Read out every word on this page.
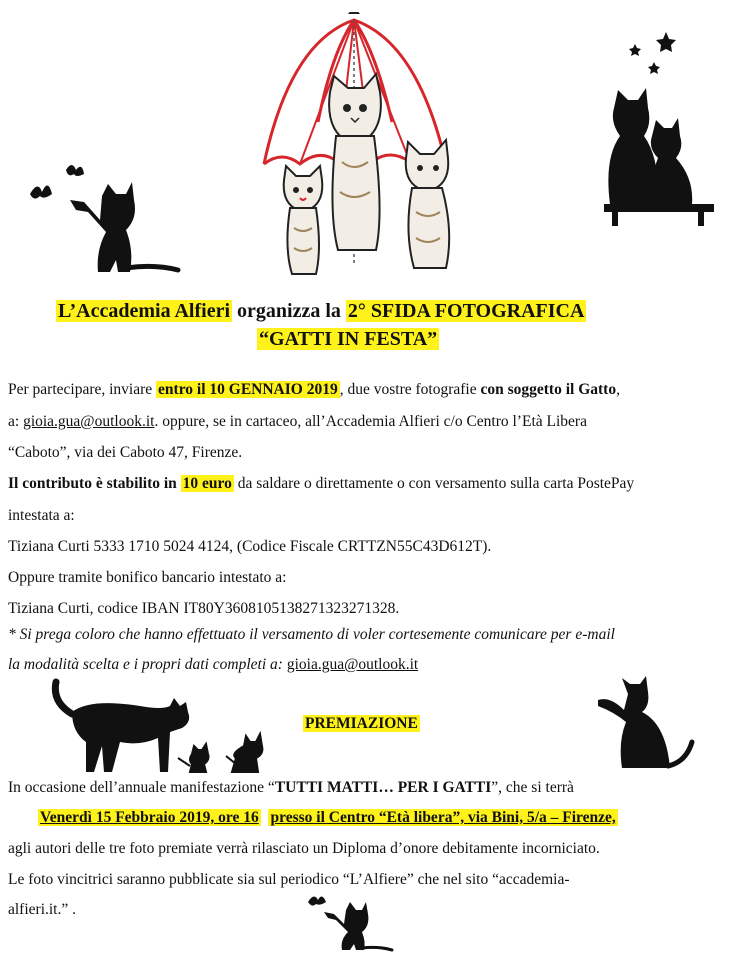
L’Accademia Alfieri organizza la 2° SFIDA FOTOGRAFICA
“GATTI IN FESTA”
Per partecipare, inviare entro il 10 GENNAIO 2019 , due vostre fotografie con soggetto il Gatto,
a: gioia.gua@outlook.it. oppure, se in cartaceo, all’Accademia Alfieri c/o Centro l’Età Libera
“Caboto”, via dei Caboto 47, Firenze.
Il contributo è stabilito in 10 euro da saldare o direttamente o con versamento sulla carta PostePay
intestata a:
Tiziana Curti 5333 1710 5024 4124, (Codice Fiscale CRTTZN55C43D612T).
Oppure tramite bonifico bancario intestato a:
Tiziana Curti, codice IBAN IT80Y3608105138271323271328.
* Si prega coloro che hanno effettuato il versamento di voler cortesemente comunicare per e-mail
la modalità scelta e i propri dati completi a: gioia.gua@outlook.it
PREMIAZIONE
In occasione dell’annuale manifestazione “TUTTI MATTI… PER I GATTI”, che si terrà
Venerdì 15 Febbraio 2019, ore 16 presso il Centro “Età libera”, via Bini, 5/a – Firenze,
agli autori delle tre foto premiate verrà rilasciato un Diploma d’onore debitamente incorniciato.
Le foto vincitrici saranno pubblicate sia sul periodico “L’Alfiere” che nel sito “accademia-
alfieri.it.” .
